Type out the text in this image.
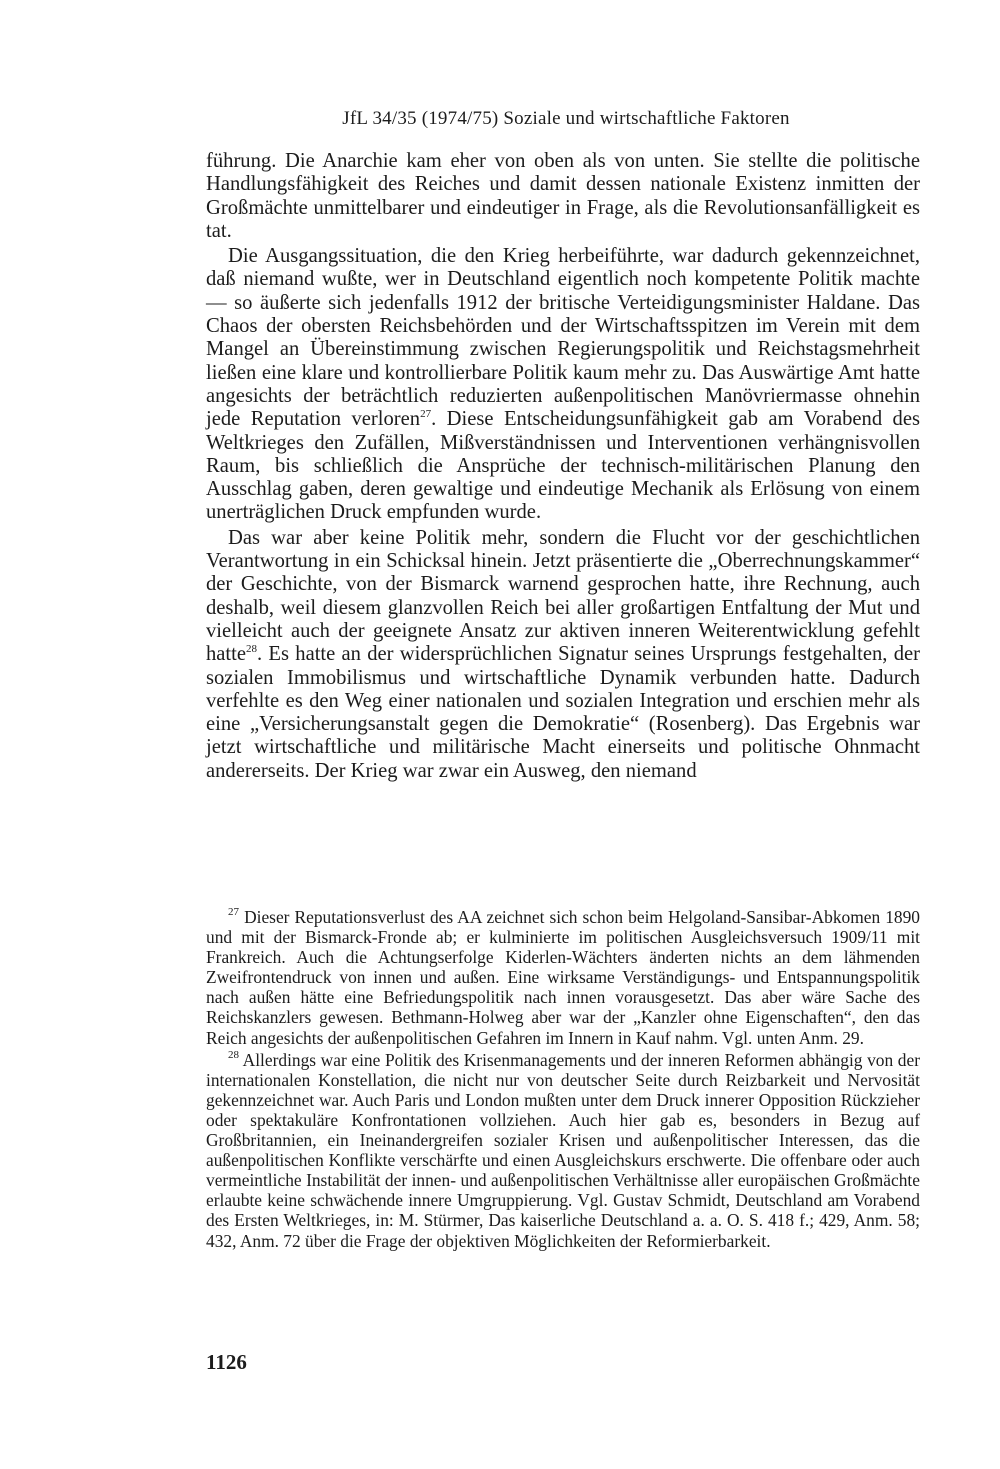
JfL 34/35 (1974/75) Soziale und wirtschaftliche Faktoren

führung. Die Anarchie kam eher von oben als von unten. Sie stellte die politische Handlungsfähigkeit des Reiches und damit dessen nationale Existenz inmitten der Großmächte unmittelbarer und eindeutiger in Frage, als die Revolutionsanfälligkeit es tat.

Die Ausgangssituation, die den Krieg herbeiführte, war dadurch gekennzeichnet, daß niemand wußte, wer in Deutschland eigentlich noch kompetente Politik machte — so äußerte sich jedenfalls 1912 der britische Verteidigungsminister Haldane. Das Chaos der obersten Reichsbehörden und der Wirtschaftsspitzen im Verein mit dem Mangel an Übereinstimmung zwischen Regierungspolitik und Reichstagsmehrheit ließen eine klare und kontrollierbare Politik kaum mehr zu. Das Auswärtige Amt hatte angesichts der beträchtlich reduzierten außenpolitischen Manövriermasse ohnehin jede Reputation verloren$^{27}$. Diese Entscheidungsunfähigkeit gab am Vorabend des Weltkrieges den Zufällen, Mißverständnissen und Interventionen verhängnisvollen Raum, bis schließlich die Ansprüche der technisch-militärischen Planung den Ausschlag gaben, deren gewaltige und eindeutige Mechanik als Erlösung von einem unerträglichen Druck empfunden wurde.

Das war aber keine Politik mehr, sondern die Flucht vor der geschichtlichen Verantwortung in ein Schicksal hinein. Jetzt präsentierte die „Oberrechnungskammer“ der Geschichte, von der Bismarck warnend gesprochen hatte, ihre Rechnung, auch deshalb, weil diesem glanzvollen Reich bei aller großartigen Entfaltung der Mut und vielleicht auch der geeignete Ansatz zur aktiven inneren Weiterentwicklung gefehlt hatte$^{28}$. Es hatte an der widersprüchlichen Signatur seines Ursprungs festgehalten, der sozialen Immobilismus und wirtschaftliche Dynamik verbunden hatte. Dadurch verfehlte es den Weg einer nationalen und sozialen Integration und erschien mehr als eine „Versicherungsanstalt gegen die Demokratie“ (Rosenberg). Das Ergebnis war jetzt wirtschaftliche und militärische Macht einerseits und politische Ohnmacht andererseits. Der Krieg war zwar ein Ausweg, den niemand

$^{27}$ Dieser Reputationsverlust des AA zeichnet sich schon beim Helgoland-Sansibar-Abkomen 1890 und mit der Bismarck-Fronde ab; er kulminierte im politischen Ausgleichsversuch 1909/11 mit Frankreich. Auch die Achtungserfolge Kiderlen-Wächters änderten nichts an dem lähmenden Zweifrontendruck von innen und außen. Eine wirksame Verständigungs- und Entspannungspolitik nach außen hätte eine Befriedungspolitik nach innen vorausgesetzt. Das aber wäre Sache des Reichskanzlers gewesen. Bethmann-Holweg aber war der „Kanzler ohne Eigenschaften“, den das Reich angesichts der außenpolitischen Gefahren im Innern in Kauf nahm. Vgl. unten Anm. 29.

$^{28}$ Allerdings war eine Politik des Krisenmanagements und der inneren Reformen abhängig von der internationalen Konstellation, die nicht nur von deutscher Seite durch Reizbarkeit und Nervosität gekennzeichnet war. Auch Paris und London mußten unter dem Druck innerer Opposition Rückzieher oder spektakuläre Konfrontationen vollziehen. Auch hier gab es, besonders in Bezug auf Großbritannien, ein Ineinandergreifen sozialer Krisen und außenpolitischer Interessen, das die außenpolitischen Konflikte verschärfte und einen Ausgleichskurs erschwerte. Die offenbare oder auch vermeintliche Instabilität der innen- und außenpolitischen Verhältnisse aller europäischen Großmächte erlaubte keine schwächende innere Umgruppierung. Vgl. Gustav Schmidt, Deutschland am Vorabend des Ersten Weltkrieges, in: M. Stürmer, Das kaiserliche Deutschland a. a. O. S. 418 f.; 429, Anm. 58; 432, Anm. 72 über die Frage der objektiven Möglichkeiten der Reformierbarkeit.

1126
